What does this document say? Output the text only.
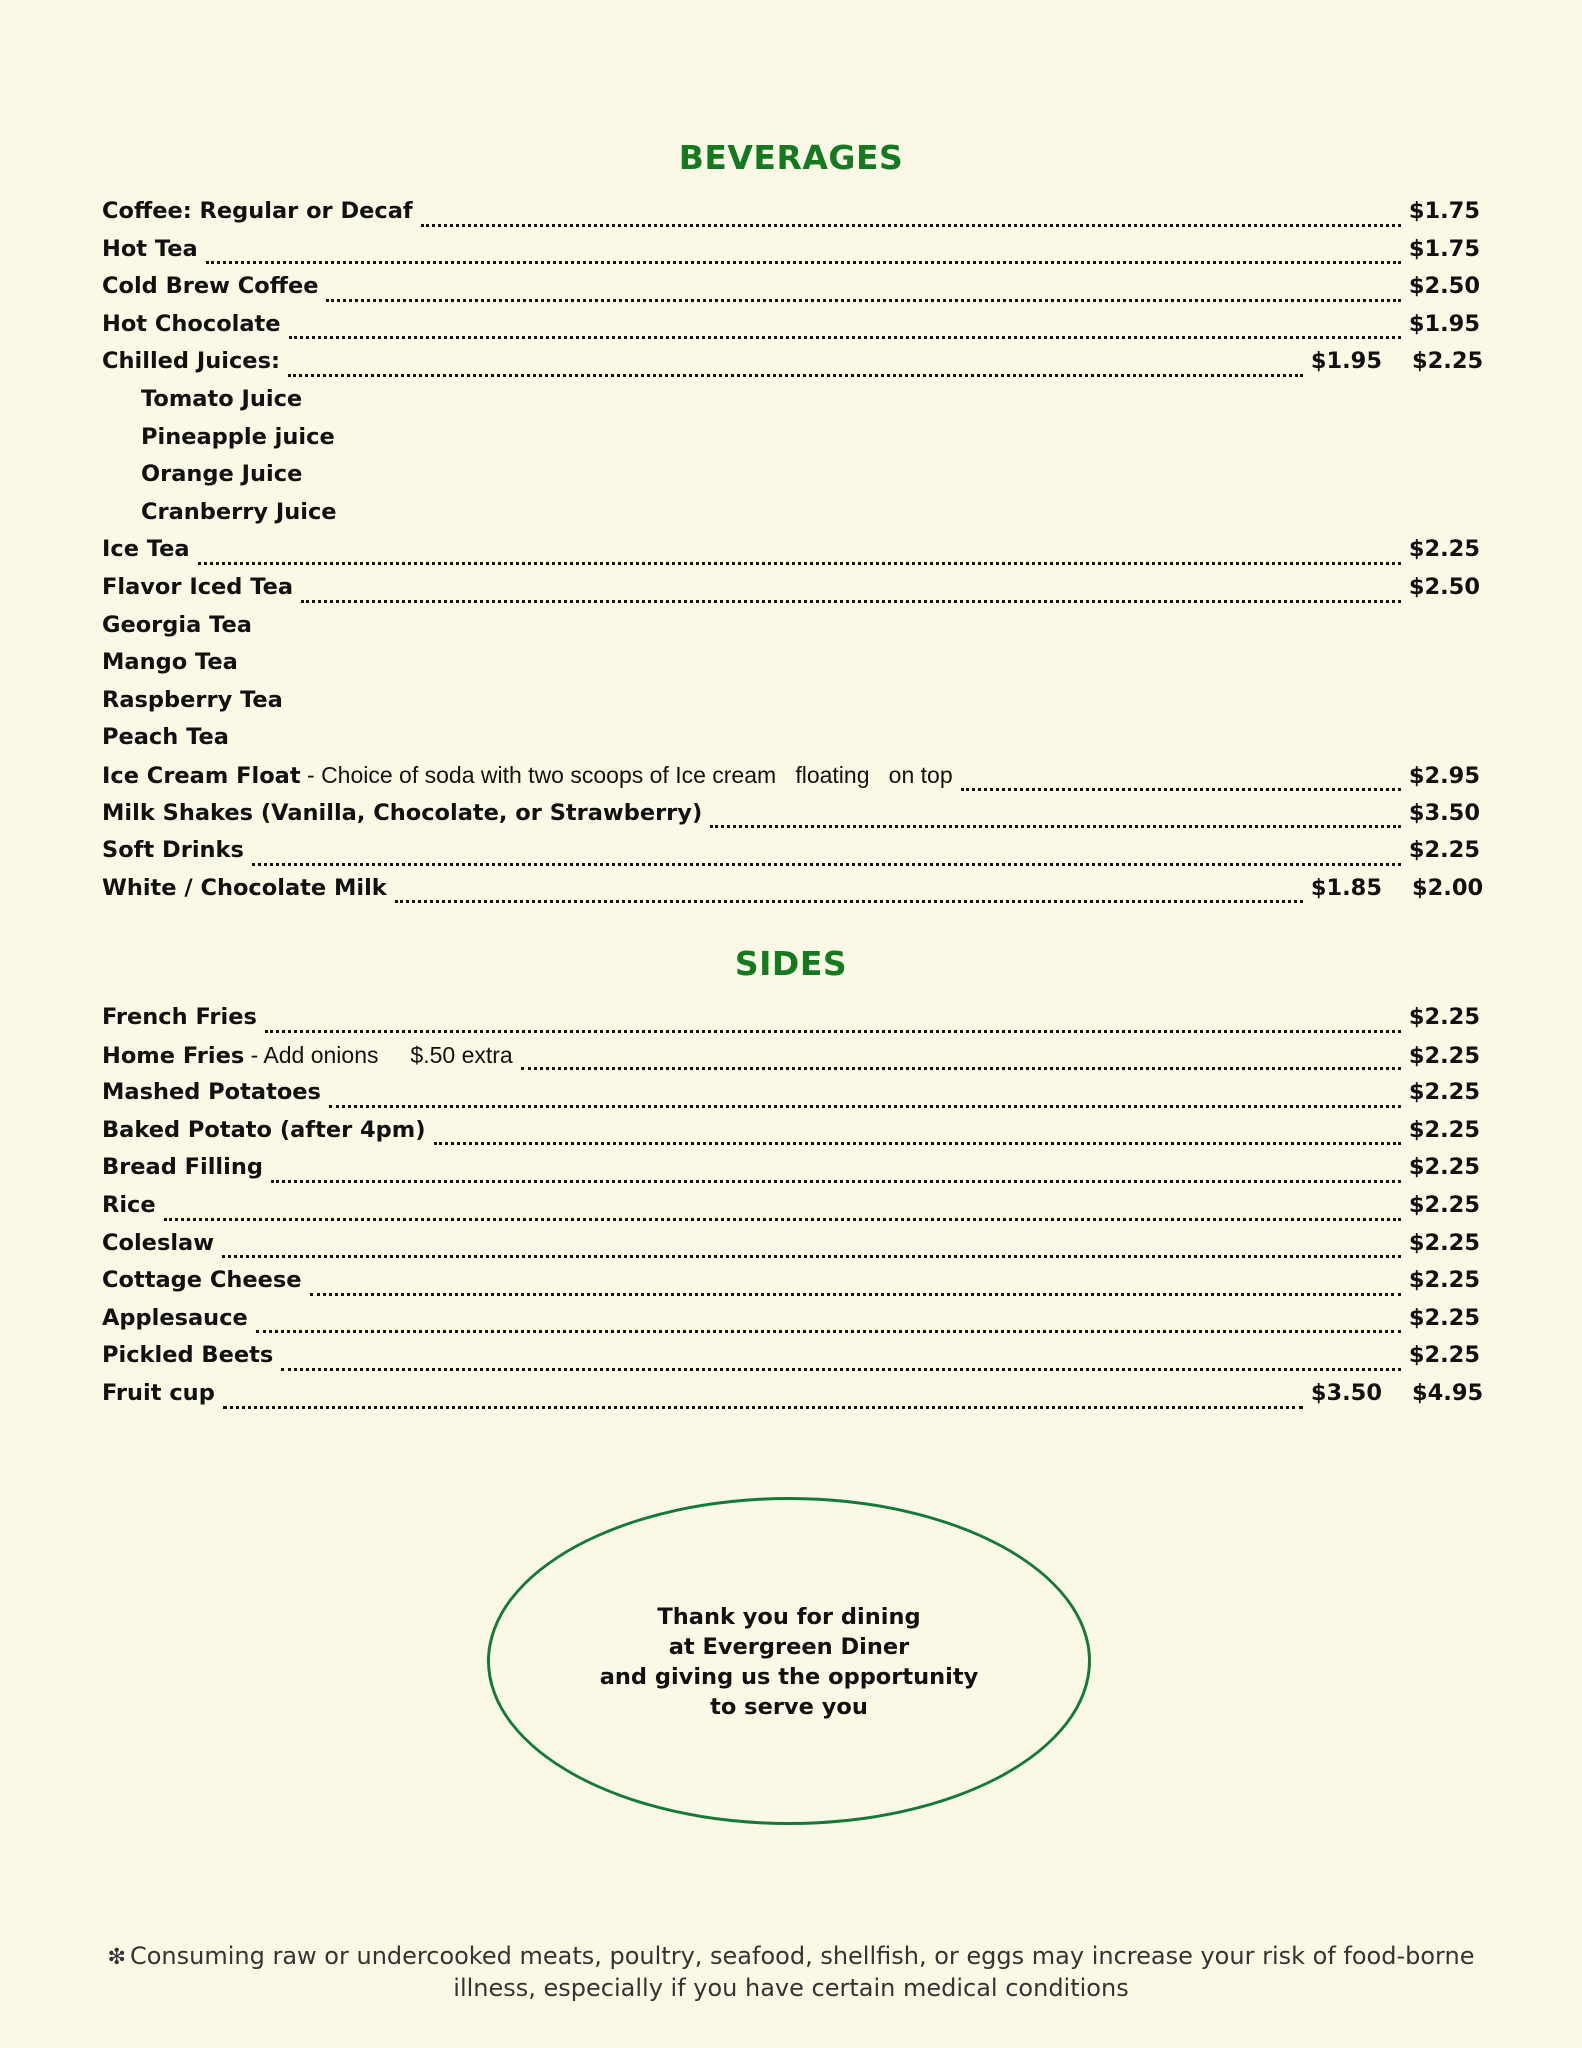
BEVERAGES
Coffee: Regular or Decaf	$1.75
Hot Tea	$1.75
Cold Brew Coffee	$2.50
Hot Chocolate	$1.95
Chilled Juices:	$1.95 $2.25
Tomato Juice
Pineapple juice
Orange Juice
Cranberry Juice
Ice Tea	$2.25
Flavor Iced Tea	$2.50
Georgia Tea
Mango Tea
Raspberry Tea
Peach Tea
Ice Cream Float - Choice of soda with two scoops of Ice cream   floating   on top	$2.95
Milk Shakes (Vanilla, Chocolate, or Strawberry)	$3.50
Soft Drinks	$2.25
White / Chocolate Milk	$1.85 $2.00
SIDES
French Fries	$2.25
Home Fries - Add onions     $.50 extra	$2.25
Mashed Potatoes	$2.25
Baked Potato (after 4pm)	$2.25
Bread Filling	$2.25
Rice	$2.25
Coleslaw	$2.25
Cottage Cheese	$2.25
Applesauce	$2.25
Pickled Beets	$2.25
Fruit cup	$3.50 $4.95
Thank you for dining
at Evergreen Diner
and giving us the opportunity
to serve you
❇ Consuming raw or undercooked meats, poultry, seafood, shellfish, or eggs may increase your risk of food-borne
illness, especially if you have certain medical conditions
